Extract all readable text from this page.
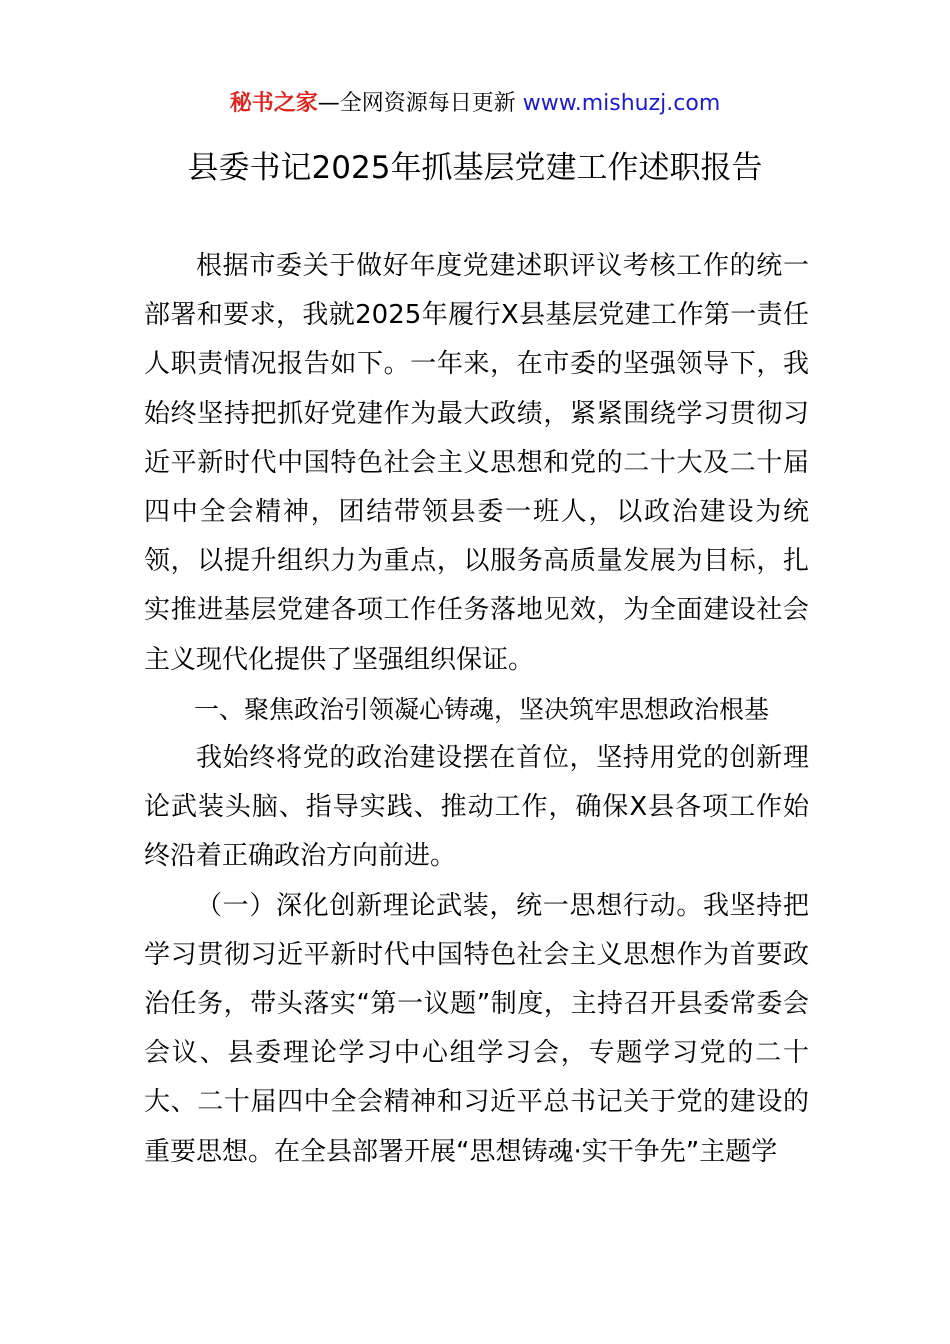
秘书之家—全网资源每日更新 www.mishuzj.com
县委书记2025年抓基层党建工作述职报告

根据市委关于做好年度党建述职评议考核工作的统一部署和要求，我就2025年履行X县基层党建工作第一责任人职责情况报告如下。一年来，在市委的坚强领导下，我始终坚持把抓好党建作为最大政绩，紧紧围绕学习贯彻习近平新时代中国特色社会主义思想和党的二十大及二十届四中全会精神，团结带领县委一班人，以政治建设为统领，以提升组织力为重点，以服务高质量发展为目标，扎实推进基层党建各项工作任务落地见效，为全面建设社会主义现代化提供了坚强组织保证。

一、聚焦政治引领凝心铸魂，坚决筑牢思想政治根基

我始终将党的政治建设摆在首位，坚持用党的创新理论武装头脑、指导实践、推动工作，确保X县各项工作始终沿着正确政治方向前进。

（一）深化创新理论武装，统一思想行动。我坚持把学习贯彻习近平新时代中国特色社会主义思想作为首要政治任务，带头落实“第一议题”制度，主持召开县委常委会会议、县委理论学习中心组学习会，专题学习党的二十大、二十届四中全会精神和习近平总书记关于党的建设的重要思想。在全县部署开展“思想铸魂·实干争先”主题学
